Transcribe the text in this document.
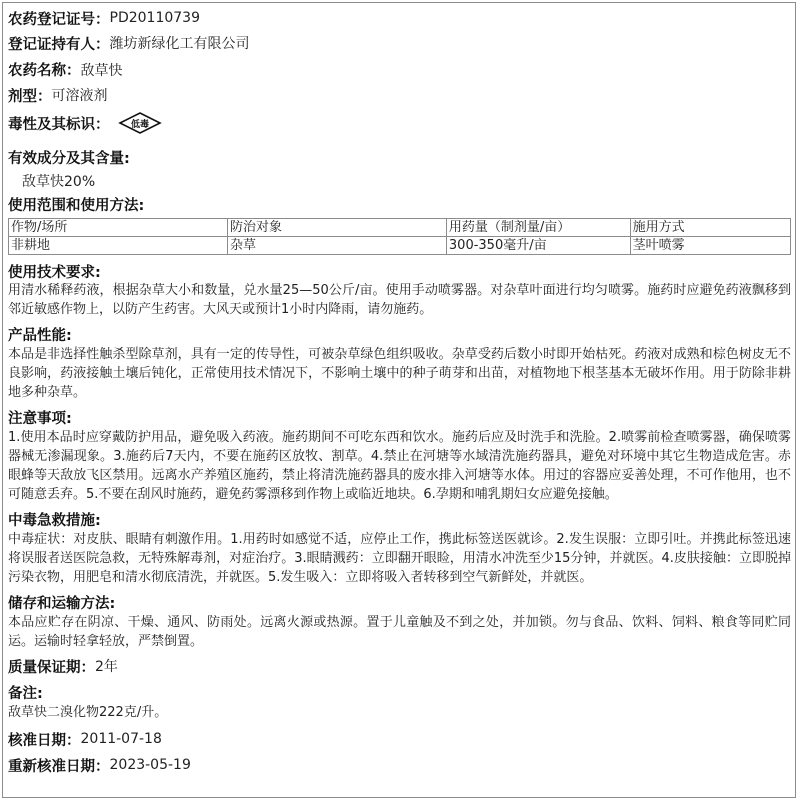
农药登记证号： PD20110739
登记证持有人： 潍坊新绿化工有限公司
农药名称： 敌草快
剂型： 可溶液剂
毒性及其标识： 低毒
有效成分及其含量:
敌草快20%
使用范围和使用方法:
作物/场所	防治对象	用药量（制剂量/亩）	施用方式
非耕地	杂草	300-350毫升/亩	茎叶喷雾
使用技术要求:

用清水稀释药液，根据杂草大小和数量，兑水量25—50公斤/亩。使用手动喷雾器。对杂草叶面进行均匀喷雾。施药时应避免药液飘移到邻近敏感作物上，以防产生药害。大风天或预计1小时内降雨，请勿施药。

产品性能:

本品是非选择性触杀型除草剂，具有一定的传导性，可被杂草绿色组织吸收。杂草受药后数小时即开始枯死。药液对成熟和棕色树皮无不良影响，药液接触土壤后钝化，正常使用技术情况下，不影响土壤中的种子萌芽和出苗，对植物地下根茎基本无破坏作用。用于防除非耕地多种杂草。

注意事项:

1.使用本品时应穿戴防护用品，避免吸入药液。施药期间不可吃东西和饮水。施药后应及时洗手和洗脸。2.喷雾前检查喷雾器，确保喷雾器械无渗漏现象。3.施药后7天内，不要在施药区放牧、割草。4.禁止在河塘等水域清洗施药器具，避免对环境中其它生物造成危害。赤眼蜂等天敌放飞区禁用。远离水产养殖区施药，禁止将清洗施药器具的废水排入河塘等水体。用过的容器应妥善处理，不可作他用，也不可随意丢弃。5.不要在刮风时施药，避免药雾漂移到作物上或临近地块。6.孕期和哺乳期妇女应避免接触。

中毒急救措施:

中毒症状：对皮肤、眼睛有刺激作用。1.用药时如感觉不适，应停止工作，携此标签送医就诊。2.发生误服：立即引吐。并携此标签迅速将误服者送医院急救，无特殊解毒剂，对症治疗。3.眼睛溅药：立即翻开眼睑，用清水冲洗至少15分钟，并就医。4.皮肤接触：立即脱掉污染衣物，用肥皂和清水彻底清洗，并就医。5.发生吸入：立即将吸入者转移到空气新鲜处，并就医。

储存和运输方法:

本品应贮存在阴凉、干燥、通风、防雨处。远离火源或热源。置于儿童触及不到之处，并加锁。勿与食品、饮料、饲料、粮食等同贮同运。运输时轻拿轻放，严禁倒置。

质量保证期： 2年
备注:

敌草快二溴化物222克/升。

核准日期： 2011-07-18
重新核准日期： 2023-05-19
